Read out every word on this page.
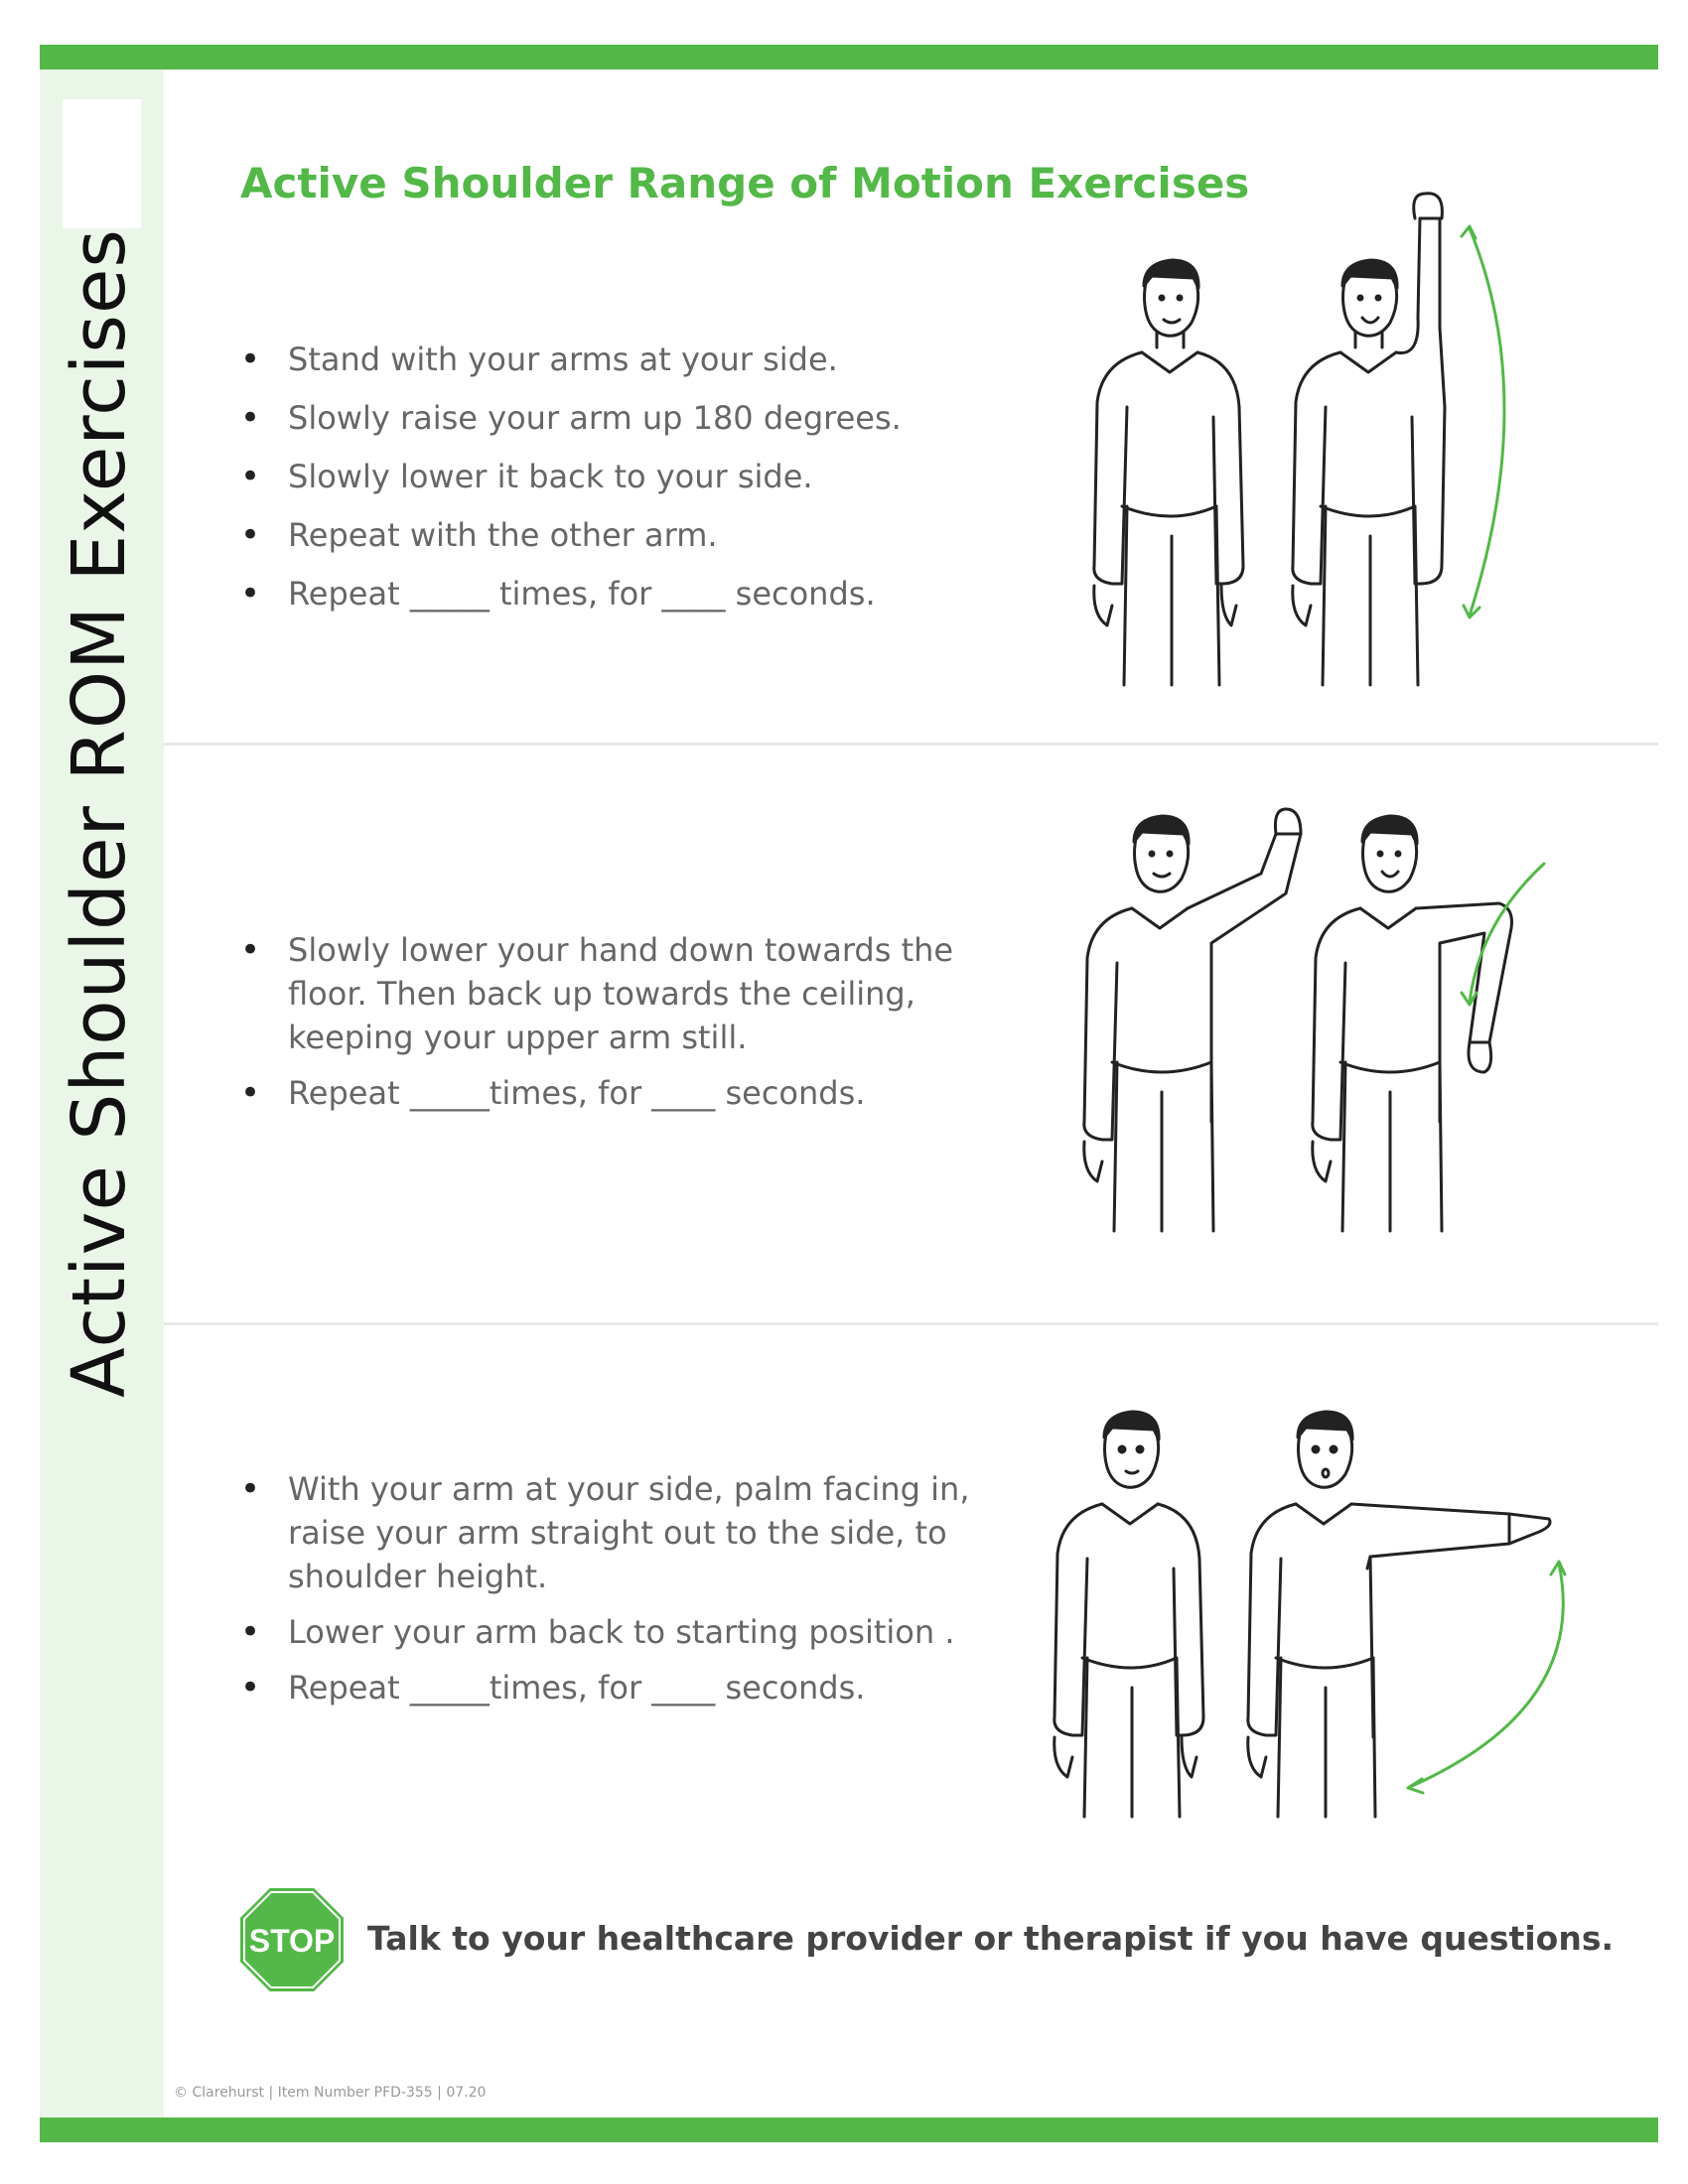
Active Shoulder ROM Exercises
Active Shoulder Range of Motion Exercises
• Stand with your arms at your side.
• Slowly raise your arm up 180 degrees.
• Slowly lower it back to your side.
• Repeat with the other arm.
• Repeat _____ times, for ____ seconds.
• Slowly lower your hand down towards the floor. Then back up towards the ceiling, keeping your upper arm still.
• Repeat _____times, for ____ seconds.
• With your arm at your side, palm facing in, raise your arm straight out to the side, to shoulder height.
• Lower your arm back to starting position .
• Repeat _____times, for ____ seconds.
STOP Talk to your healthcare provider or therapist if you have questions.
© Clarehurst | Item Number PFD-355 | 07.20
